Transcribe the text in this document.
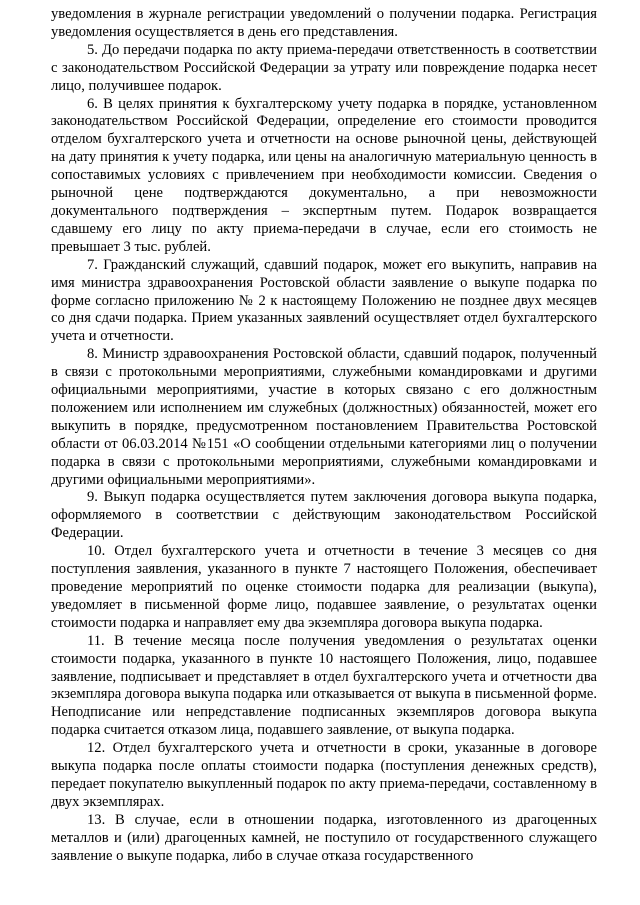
уведомления в журнале регистрации уведомлений о получении подарка. Регистрация уведомления осуществляется в день его представления.

5. До передачи подарка по акту приема-передачи ответственность в соответствии с законодательством Российской Федерации за утрату или повреждение подарка несет лицо, получившее подарок.

6. В целях принятия к бухгалтерскому учету подарка в порядке, установленном законодательством Российской Федерации, определение его стоимости проводится отделом бухгалтерского учета и отчетности на основе рыночной цены, действующей на дату принятия к учету подарка, или цены на аналогичную материальную ценность в сопоставимых условиях с привлечением при необходимости комиссии. Сведения о рыночной цене подтверждаются документально, а при невозможности документального подтверждения – экспертным путем. Подарок возвращается сдавшему его лицу по акту приема-передачи в случае, если его стоимость не превышает 3 тыс. рублей.

7. Гражданский служащий, сдавший подарок, может его выкупить, направив на имя министра здравоохранения Ростовской области заявление о выкупе подарка по форме согласно приложению № 2 к настоящему Положению не позднее двух месяцев со дня сдачи подарка. Прием указанных заявлений осуществляет отдел бухгалтерского учета и отчетности.

8. Министр здравоохранения Ростовской области, сдавший подарок, полученный в связи с протокольными мероприятиями, служебными командировками и другими официальными мероприятиями, участие в которых связано с его должностным положением или исполнением им служебных (должностных) обязанностей, может его выкупить в порядке, предусмотренном постановлением Правительства Ростовской области от 06.03.2014 №151 «О сообщении отдельными категориями лиц о получении подарка в связи с протокольными мероприятиями, служебными командировками и другими официальными мероприятиями».

9. Выкуп подарка осуществляется путем заключения договора выкупа подарка, оформляемого в соответствии с действующим законодательством Российской Федерации.

10. Отдел бухгалтерского учета и отчетности в течение 3 месяцев со дня поступления заявления, указанного в пункте 7 настоящего Положения, обеспечивает проведение мероприятий по оценке стоимости подарка для реализации (выкупа), уведомляет в письменной форме лицо, подавшее заявление, о результатах оценки стоимости подарка и направляет ему два экземпляра договора выкупа подарка.

11. В течение месяца после получения уведомления о результатах оценки стоимости подарка, указанного в пункте 10 настоящего Положения, лицо, подавшее заявление, подписывает и представляет в отдел бухгалтерского учета и отчетности два экземпляра договора выкупа подарка или отказывается от выкупа в письменной форме. Неподписание или непредставление подписанных экземпляров договора выкупа подарка считается отказом лица, подавшего заявление, от выкупа подарка.

12. Отдел бухгалтерского учета и отчетности в сроки, указанные в договоре выкупа подарка после оплаты стоимости подарка (поступления денежных средств), передает покупателю выкупленный подарок по акту приема-передачи, составленному в двух экземплярах.

13. В случае, если в отношении подарка, изготовленного из драгоценных металлов и (или) драгоценных камней, не поступило от государственного служащего заявление о выкупе подарка, либо в случае отказа государственного
